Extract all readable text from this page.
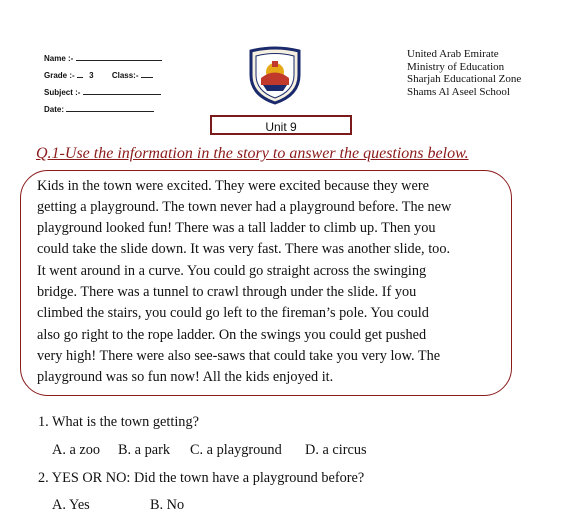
Name :-
Grade :- 3 Class:-
Subject :-
Date:
United Arab Emirate
Ministry of Education
Sharjah Educational Zone
Shams Al Aseel School
Unit 9
Q.1-Use the information in the story to answer the questions below.
Kids in the town were excited. They were excited because they were
getting a playground. The town never had a playground before. The new
playground looked fun! There was a tall ladder to climb up. Then you
could take the slide down. It was very fast. There was another slide, too.
It went around in a curve. You could go straight across the swinging
bridge. There was a tunnel to crawl through under the slide. If you
climbed the stairs, you could go left to the fireman’s pole. You could
also go right to the rope ladder. On the swings you could get pushed
very high! There were also see-saws that could take you very low. The
playground was so fun now! All the kids enjoyed it.
1. What is the town getting?
A. a zoo B. a park C. a playground D. a circus
2. YES OR NO: Did the town have a playground before?
A. Yes	B. No
